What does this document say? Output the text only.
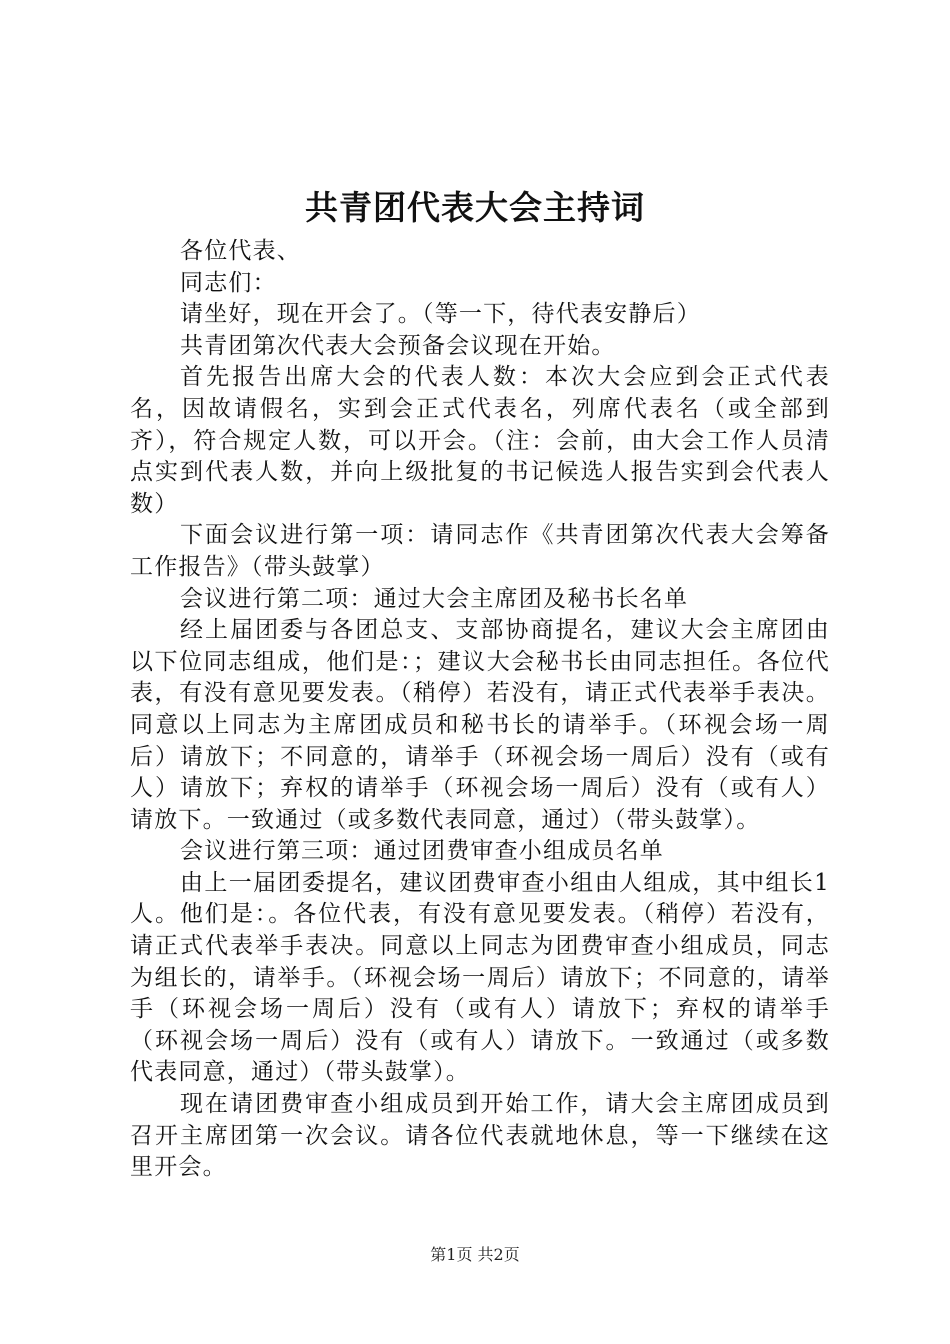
共青团代表大会主持词

各位代表、

同志们：

请坐好，现在开会了。（等一下，待代表安静后）

共青团第次代表大会预备会议现在开始。

首先报告出席大会的代表人数：本次大会应到会正式代表名，因故请假名，实到会正式代表名，列席代表名（或全部到齐），符合规定人数，可以开会。（注：会前，由大会工作人员清点实到代表人数，并向上级批复的书记候选人报告实到会代表人数）

下面会议进行第一项：请同志作《共青团第次代表大会筹备工作报告》（带头鼓掌）

会议进行第二项：通过大会主席团及秘书长名单

经上届团委与各团总支、支部协商提名，建议大会主席团由以下位同志组成，他们是：；建议大会秘书长由同志担任。各位代表，有没有意见要发表。（稍停）若没有，请正式代表举手表决。同意以上同志为主席团成员和秘书长的请举手。（环视会场一周后）请放下；不同意的，请举手（环视会场一周后）没有（或有人）请放下；弃权的请举手（环视会场一周后）没有（或有人）请放下。一致通过（或多数代表同意，通过）（带头鼓掌）。

会议进行第三项：通过团费审查小组成员名单

由上一届团委提名，建议团费审查小组由人组成，其中组长1人。他们是：。各位代表，有没有意见要发表。（稍停）若没有，请正式代表举手表决。同意以上同志为团费审查小组成员，同志为组长的，请举手。（环视会场一周后）请放下；不同意的，请举手（环视会场一周后）没有（或有人）请放下；弃权的请举手（环视会场一周后）没有（或有人）请放下。一致通过（或多数代表同意，通过）（带头鼓掌）。

现在请团费审查小组成员到开始工作，请大会主席团成员到召开主席团第一次会议。请各位代表就地休息，等一下继续在这里开会。

第1页 共2页
